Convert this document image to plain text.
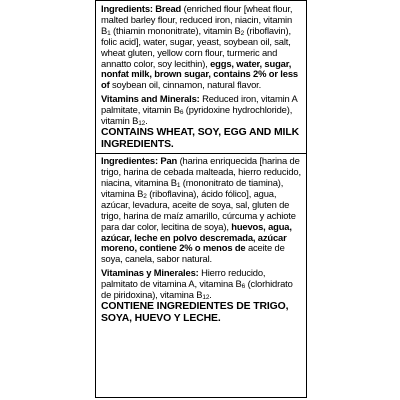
Ingredients: Bread (enriched flour [wheat flour, malted barley flour, reduced iron, niacin, vitamin $B_1$ (thiamin mononitrate), vitamin $B_2$ (riboflavin), folic acid], water, sugar, yeast, soybean oil, salt, wheat gluten, yellow corn flour, turmeric and annatto color, soy lecithin), eggs, water, sugar, nonfat milk, brown sugar, contains 2% or less of soybean oil, cinnamon, natural flavor.

Vitamins and Minerals: Reduced iron, vitamin A palmitate, vitamin $B_6$ (pyridoxine hydrochloride), vitamin $B_{12}$.

CONTAINS WHEAT, SOY, EGG AND MILK INGREDIENTS.

Ingredientes: Pan (harina enriquecida [harina de trigo, harina de cebada malteada, hierro reducido, niacina, vitamina $B_1$ (mononitrato de tiamina), vitamina $B_2$ (riboflavina), ácido fólico], agua, azúcar, levadura, aceite de soya, sal, gluten de trigo, harina de maíz amarillo, cúrcuma y achiote para dar color, lecitina de soya), huevos, agua, azúcar, leche en polvo descremada, azúcar moreno, contiene 2% o menos de aceite de soya, canela, sabor natural.

Vitaminas y Minerales: Hierro reducido, palmitato de vitamina A, vitamina $B_6$ (clorhidrato de piridoxina), vitamina $B_{12}$.

CONTIENE INGREDIENTES DE TRIGO, SOYA, HUEVO Y LECHE.
